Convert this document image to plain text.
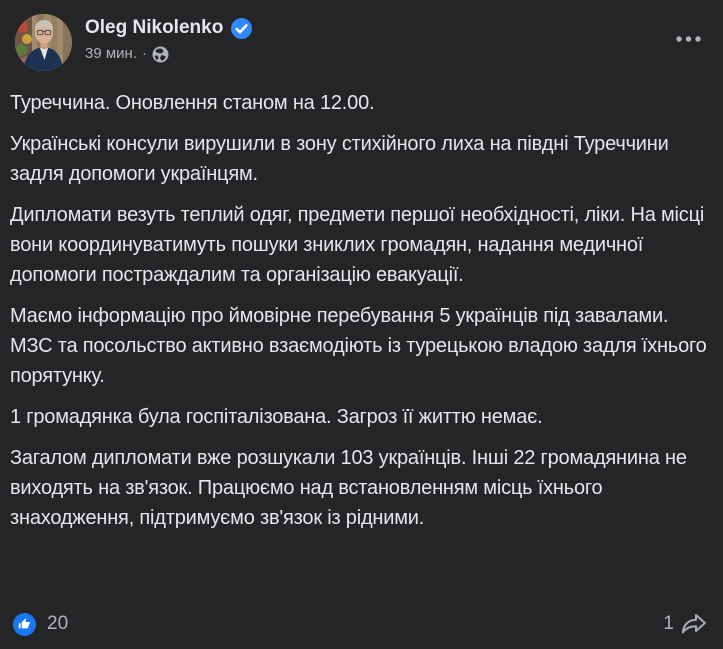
Oleg Nikolenko
39 мин. ·

Туреччина. Оновлення станом на 12.00.

Українські консули вирушили в зону стихійного лиха на півдні Туреччини задля допомоги українцям.

Дипломати везуть теплий одяг, предмети першої необхідності, ліки. На місці вони координуватимуть пошуки зниклих громадян, надання медичної допомоги постраждалим та організацію евакуації.

Маємо інформацію про ймовірне перебування 5 українців під завалами. МЗС та посольство активно взаємодіють із турецькою владою задля їхнього порятунку.

1 громадянка була госпіталізована. Загроз її життю немає.

Загалом дипломати вже розшукали 103 українців. Інші 22 громадянина не виходять на зв'язок. Працюємо над встановленням місць їхнього знаходження, підтримуємо зв'язок із рідними.

20	1
